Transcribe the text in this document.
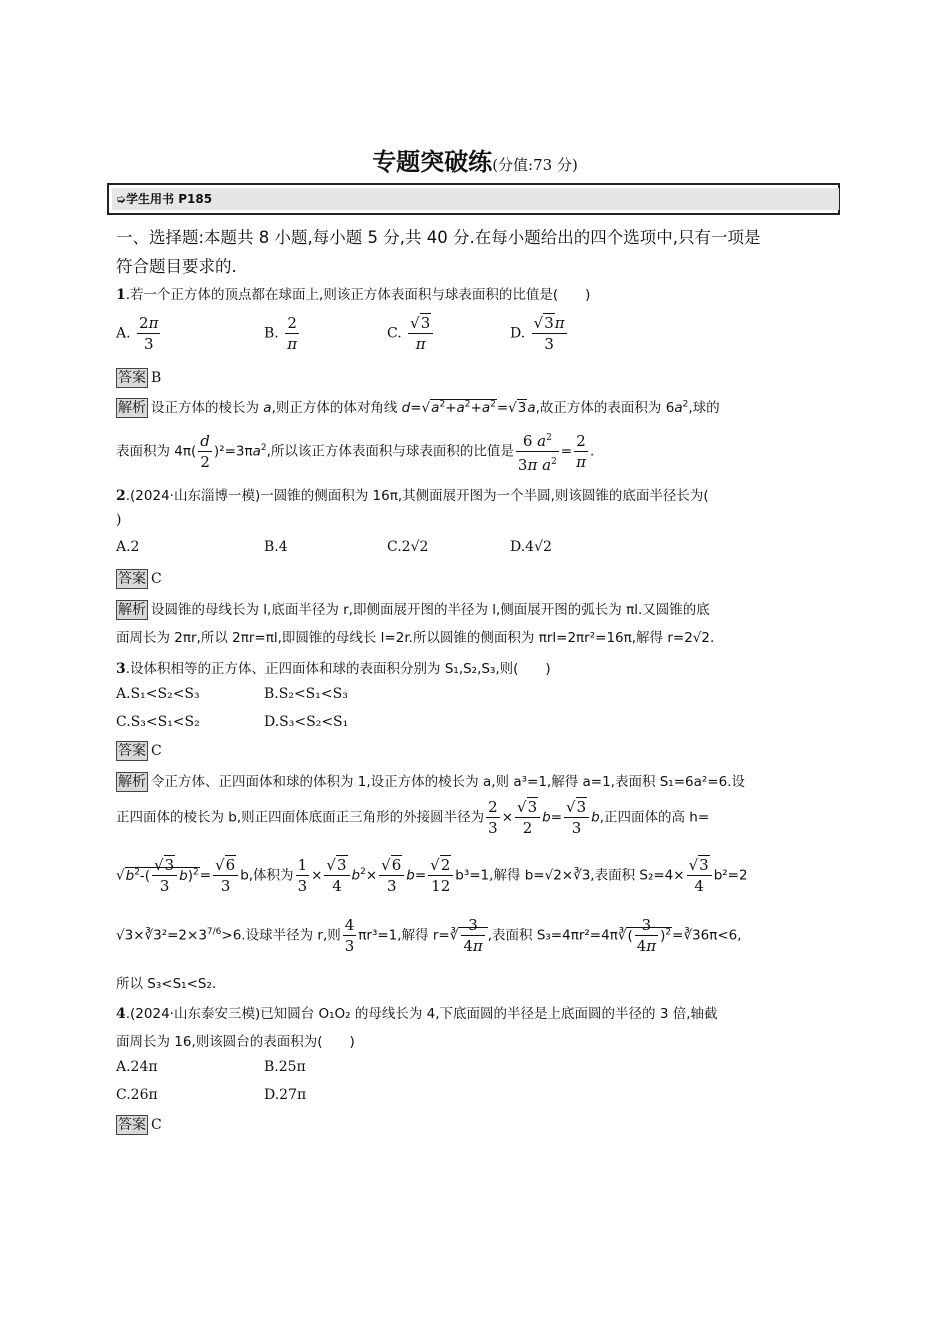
专题突破练(分值:73 分)
➭学生用书 P185
一、选择题:本题共 8 小题,每小题 5 分,共 40 分.在每小题给出的四个选项中,只有一项是
符合题目要求的.
1.若一个正方体的顶点都在球面上,则该正方体表面积与球表面积的比值是(　　)
A. $\frac{2\pi}{3}$	B. $\frac{2}{\pi}$	C. $\frac{√3}{\pi}$	D. $\frac{√3\pi}{3}$
答案 B
解析 设正方体的棱长为 a,则正方体的体对角线 $d=√a^2+a^2+a^2=√3a$,故正方体的表面积为 $6a^2$,球的
表面积为 $4\pi( \frac{d}{2} )^2=3\pi a^2$,所以该正方体表面积与球表面积的比值是 $\frac{6 a^2}{3\pi a^2} = \frac{2}{\pi}$ .
2.(2024·山东淄博一模)一圆锥的侧面积为 16π,其侧面展开图为一个半圆,则该圆锥的底面半径长为(
)
A.2	B.4	C.2√2	D.4√2
答案 C
解析 设圆锥的母线长为 l,底面半径为 r,即侧面展开图的半径为 l,侧面展开图的弧长为 πl.又圆锥的底
面周长为 2πr,所以 2πr=πl,即圆锥的母线长 l=2r.所以圆锥的侧面积为 πrl=2πr²=16π,解得 r=2√2.
3.设体积相等的正方体、正四面体和球的表面积分别为 S₁,S₂,S₃,则(　　)
A.S₁<S₂<S₃	B.S₂<S₁<S₃
C.S₃<S₁<S₂	D.S₃<S₂<S₁
答案 C
解析 令正方体、正四面体和球的体积为 1,设正方体的棱长为 a,则 a³=1,解得 a=1,表面积 S₁=6a²=6.设
正四面体的棱长为 b,则正四面体底面正三角形的外接圆半径为 $\frac{2}{3} \times \frac{√3}{2} b= \frac{√3}{3} b$,正四面体的高 h=
$√b^2-( \frac{√3}{3} b)^2= \frac{√6}{3} b$,体积为 $\frac{1}{3} \times \frac{√3}{4} b^2\times \frac{√6}{3} b= \frac{√2}{12} b^3=1$,解得 b=√2×∛3,表面积 $S_2=4\times \frac{√3}{4} b^2=2$
$√3\times∛3^2=2\times 3^{7/6}>6$.设球半径为 r,则 $\frac{4}{3} \pi r^3=1$,解得 r=∛ $\frac{3}{4\pi}$ ,表面积 S₃=4πr²=4π∛( $\frac{3}{4\pi}$ )$^2$=∛36π<6,
所以 S₃<S₁<S₂.
4.(2024·山东泰安三模)已知圆台 O₁O₂ 的母线长为 4,下底面圆的半径是上底面圆的半径的 3 倍,轴截
面周长为 16,则该圆台的表面积为(　　)
A.24π	B.25π
C.26π	D.27π
答案 C
